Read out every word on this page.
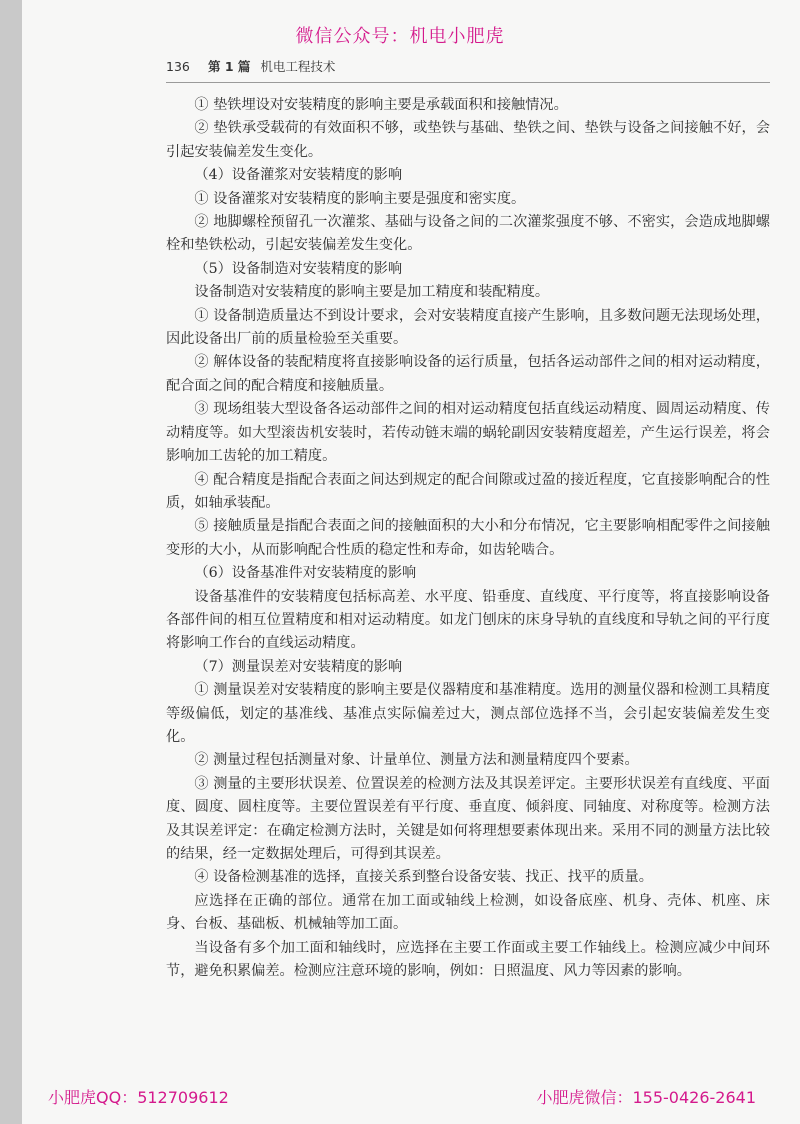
微信公众号：机电小肥虎
136 第 1 篇 机电工程技术

① 垫铁埋设对安装精度的影响主要是承载面积和接触情况。

② 垫铁承受载荷的有效面积不够，或垫铁与基础、垫铁之间、垫铁与设备之间接触不好，会引起安装偏差发生变化。

（4）设备灌浆对安装精度的影响

① 设备灌浆对安装精度的影响主要是强度和密实度。

② 地脚螺栓预留孔一次灌浆、基础与设备之间的二次灌浆强度不够、不密实，会造成地脚螺栓和垫铁松动，引起安装偏差发生变化。

（5）设备制造对安装精度的影响

设备制造对安装精度的影响主要是加工精度和装配精度。

① 设备制造质量达不到设计要求，会对安装精度直接产生影响，且多数问题无法现场处理，因此设备出厂前的质量检验至关重要。

② 解体设备的装配精度将直接影响设备的运行质量，包括各运动部件之间的相对运动精度，配合面之间的配合精度和接触质量。

③ 现场组装大型设备各运动部件之间的相对运动精度包括直线运动精度、圆周运动精度、传动精度等。如大型滚齿机安装时，若传动链末端的蜗轮副因安装精度超差，产生运行误差，将会影响加工齿轮的加工精度。

④ 配合精度是指配合表面之间达到规定的配合间隙或过盈的接近程度，它直接影响配合的性质，如轴承装配。

⑤ 接触质量是指配合表面之间的接触面积的大小和分布情况，它主要影响相配零件之间接触变形的大小，从而影响配合性质的稳定性和寿命，如齿轮啮合。

（6）设备基准件对安装精度的影响

设备基准件的安装精度包括标高差、水平度、铅垂度、直线度、平行度等，将直接影响设备各部件间的相互位置精度和相对运动精度。如龙门刨床的床身导轨的直线度和导轨之间的平行度将影响工作台的直线运动精度。

（7）测量误差对安装精度的影响

① 测量误差对安装精度的影响主要是仪器精度和基准精度。选用的测量仪器和检测工具精度等级偏低，划定的基准线、基准点实际偏差过大，测点部位选择不当，会引起安装偏差发生变化。

② 测量过程包括测量对象、计量单位、测量方法和测量精度四个要素。

③ 测量的主要形状误差、位置误差的检测方法及其误差评定。主要形状误差有直线度、平面度、圆度、圆柱度等。主要位置误差有平行度、垂直度、倾斜度、同轴度、对称度等。检测方法及其误差评定：在确定检测方法时，关键是如何将理想要素体现出来。采用不同的测量方法比较的结果，经一定数据处理后，可得到其误差。

④ 设备检测基准的选择，直接关系到整台设备安装、找正、找平的质量。

应选择在正确的部位。通常在加工面或轴线上检测，如设备底座、机身、壳体、机座、床身、台板、基础板、机械轴等加工面。

当设备有多个加工面和轴线时，应选择在主要工作面或主要工作轴线上。检测应减少中间环节，避免积累偏差。检测应注意环境的影响，例如：日照温度、风力等因素的影响。

小肥虎QQ：512709612	小肥虎微信：155-0426-2641
